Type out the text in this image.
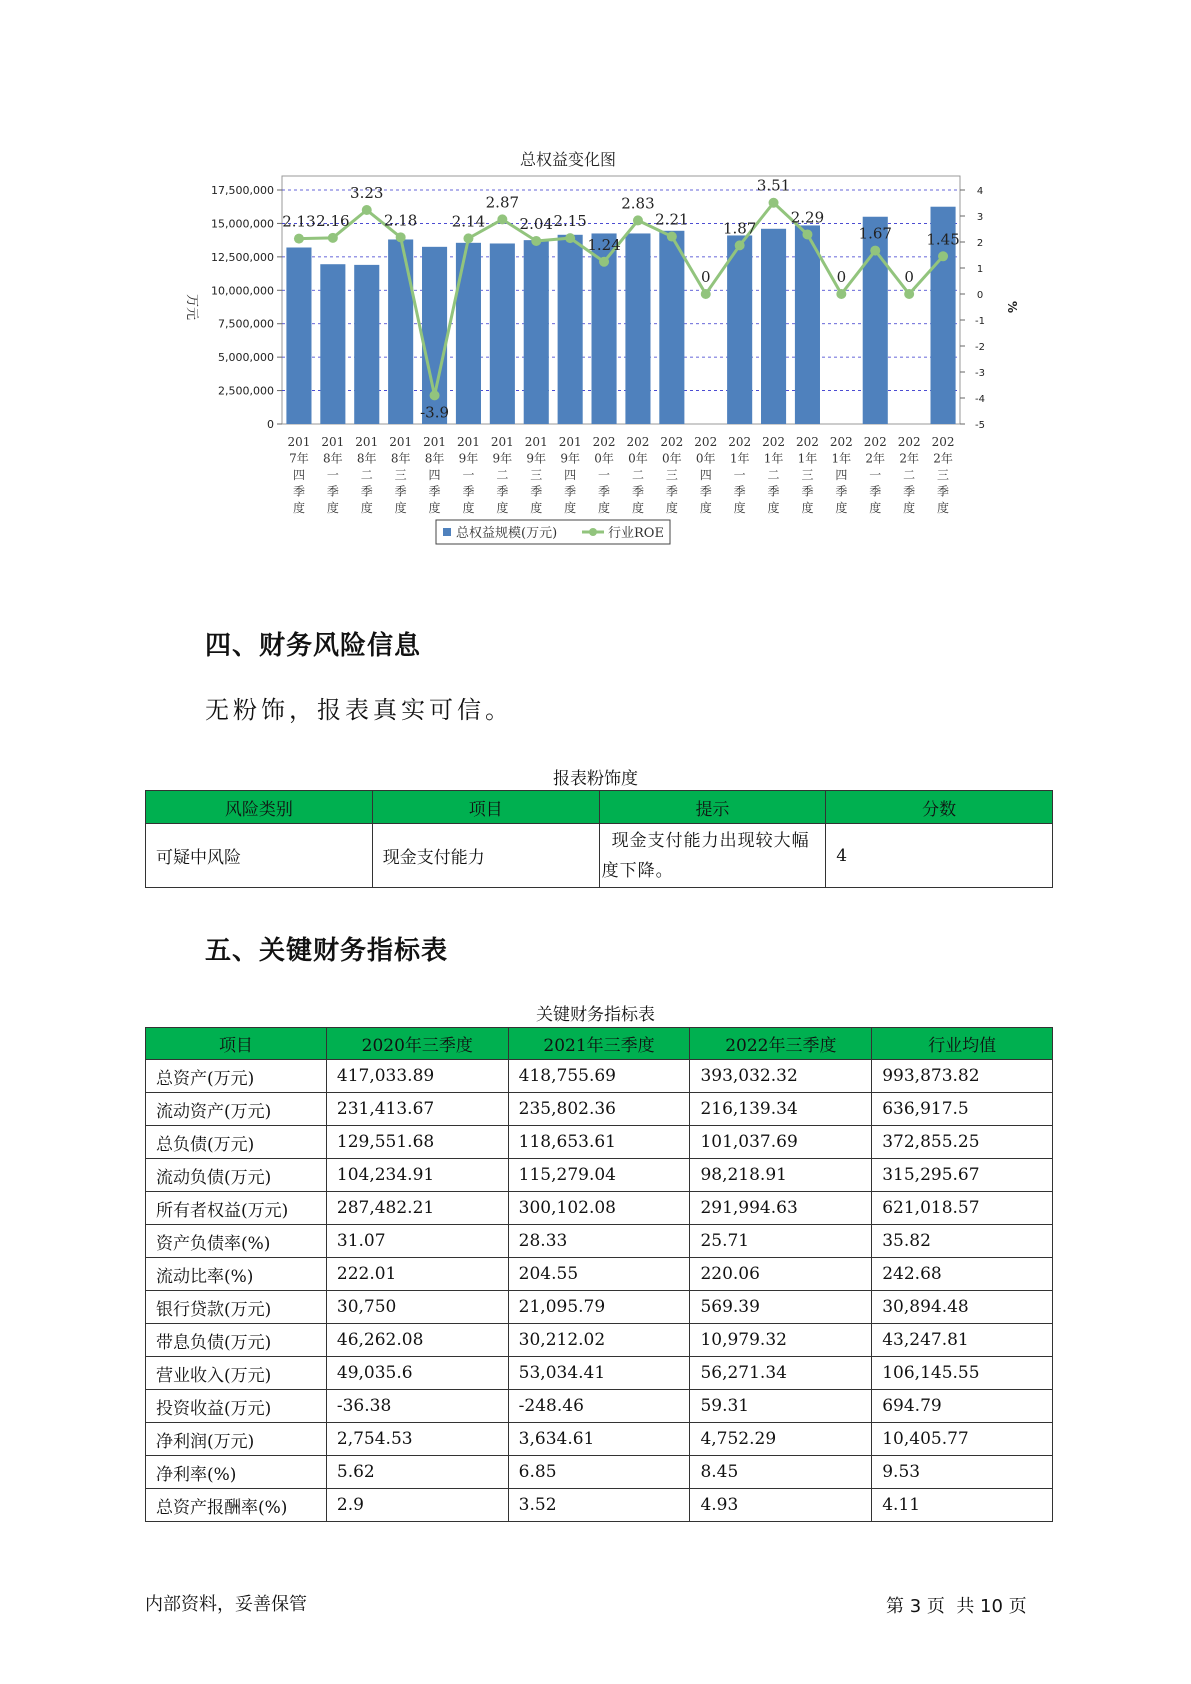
总权益变化图
0
2,500,000
5,000,000
7,500,000
10,000,000
12,500,000
15,000,000
17,500,000
-5
-4
-3
-2
-1
0
1
2
3
4
万元	%
2.13 2.16
3.23
2.18
-3.9
2.14
2.87
2.04 2.15
1.24
2.83
2.21
0
1.87
3.51
2.29
0
1.67
0
1.45
201 7年四季度
201 8年一季度
201 8年二季度
201 8年三季度
201 8年四季度
201 9年一季度
201 9年二季度
201 9年三季度
201 9年四季度
202 0年一季度
202 0年二季度
202 0年三季度
202 0年四季度
202 1年一季度
202 1年二季度
202 1年三季度
202 1年四季度
202 2年一季度
202 2年二季度
202 2年三季度
总权益规模(万元)	行业ROE
四、财务风险信息
无粉饰，报表真实可信。
报表粉饰度
风险类别	项目	提示	分数
可疑中风险	现金支付能力	现金支付能力出现较大幅度下降。	4
五、关键财务指标表
关键财务指标表
项目	2020年三季度	2021年三季度	2022年三季度	行业均值
总资产(万元)	417,033.89	418,755.69	393,032.32	993,873.82
流动资产(万元)	231,413.67	235,802.36	216,139.34	636,917.5
总负债(万元)	129,551.68	118,653.61	101,037.69	372,855.25
流动负债(万元)	104,234.91	115,279.04	98,218.91	315,295.67
所有者权益(万元)	287,482.21	300,102.08	291,994.63	621,018.57
资产负债率(%)	31.07	28.33	25.71	35.82
流动比率(%)	222.01	204.55	220.06	242.68
银行贷款(万元)	30,750	21,095.79	569.39	30,894.48
带息负债(万元)	46,262.08	30,212.02	10,979.32	43,247.81
营业收入(万元)	49,035.6	53,034.41	56,271.34	106,145.55
投资收益(万元)	-36.38	-248.46	59.31	694.79
净利润(万元)	2,754.53	3,634.61	4,752.29	10,405.77
净利率(%)	5.62	6.85	8.45	9.53
总资产报酬率(%)	2.9	3.52	4.93	4.11
内部资料，妥善保管	第 3 页  共 10 页
